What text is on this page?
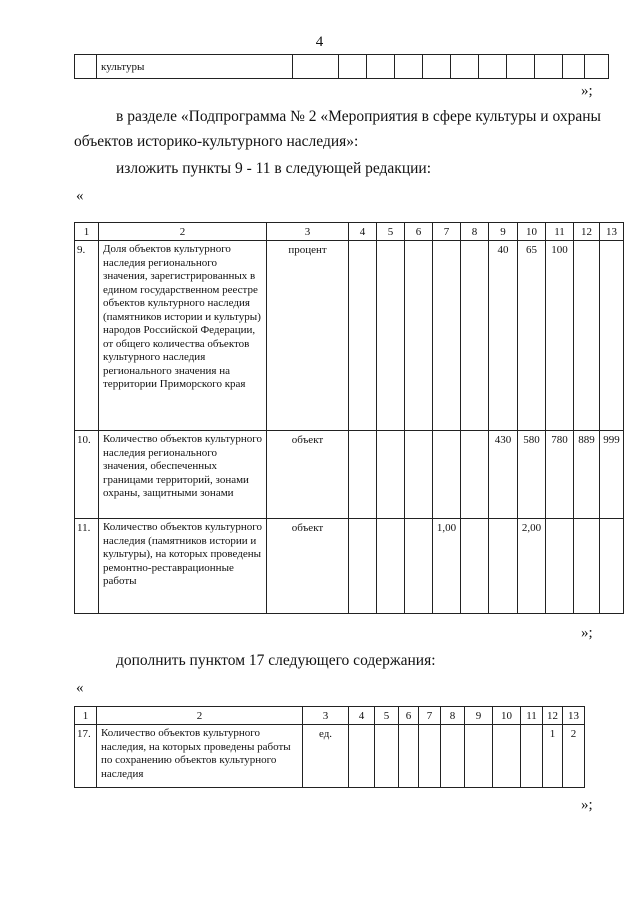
4

культуры

»;
в разделе «Подпрограмма № 2 «Мероприятия в сфере культуры и охраны
объектов историко-культурного наследия»:
изложить пункты 9 - 11 в следующей редакции:
«
1	2	3	4	5	6	7	8	9	10	11	12	13

9.	Доля объектов культурного наследия регионального значения, зарегистрированных в едином государственном реестре объектов культурного наследия (памятников истории и культуры) народов Российской Федерации, от общего количества объектов культурного наследия регионального значения на территории Приморского края	процент						40	65	100		

10.	Количество объектов культурного наследия регионального значения, обеспеченных границами территорий, зонами охраны, защитными зонами	объект						430	580	780	889	999

11.	Количество объектов культурного наследия (памятников истории и культуры), на которых проведены ремонтно-реставрационные работы	объект				1,00			2,00			

»;
дополнить пунктом 17 следующего содержания:
«
1	2	3	4	5	6	7	8	9	10	11	12	13

17.	Количество объектов культурного наследия, на которых проведены работы по сохранению объектов культурного наследия	ед.									1	2
»;
